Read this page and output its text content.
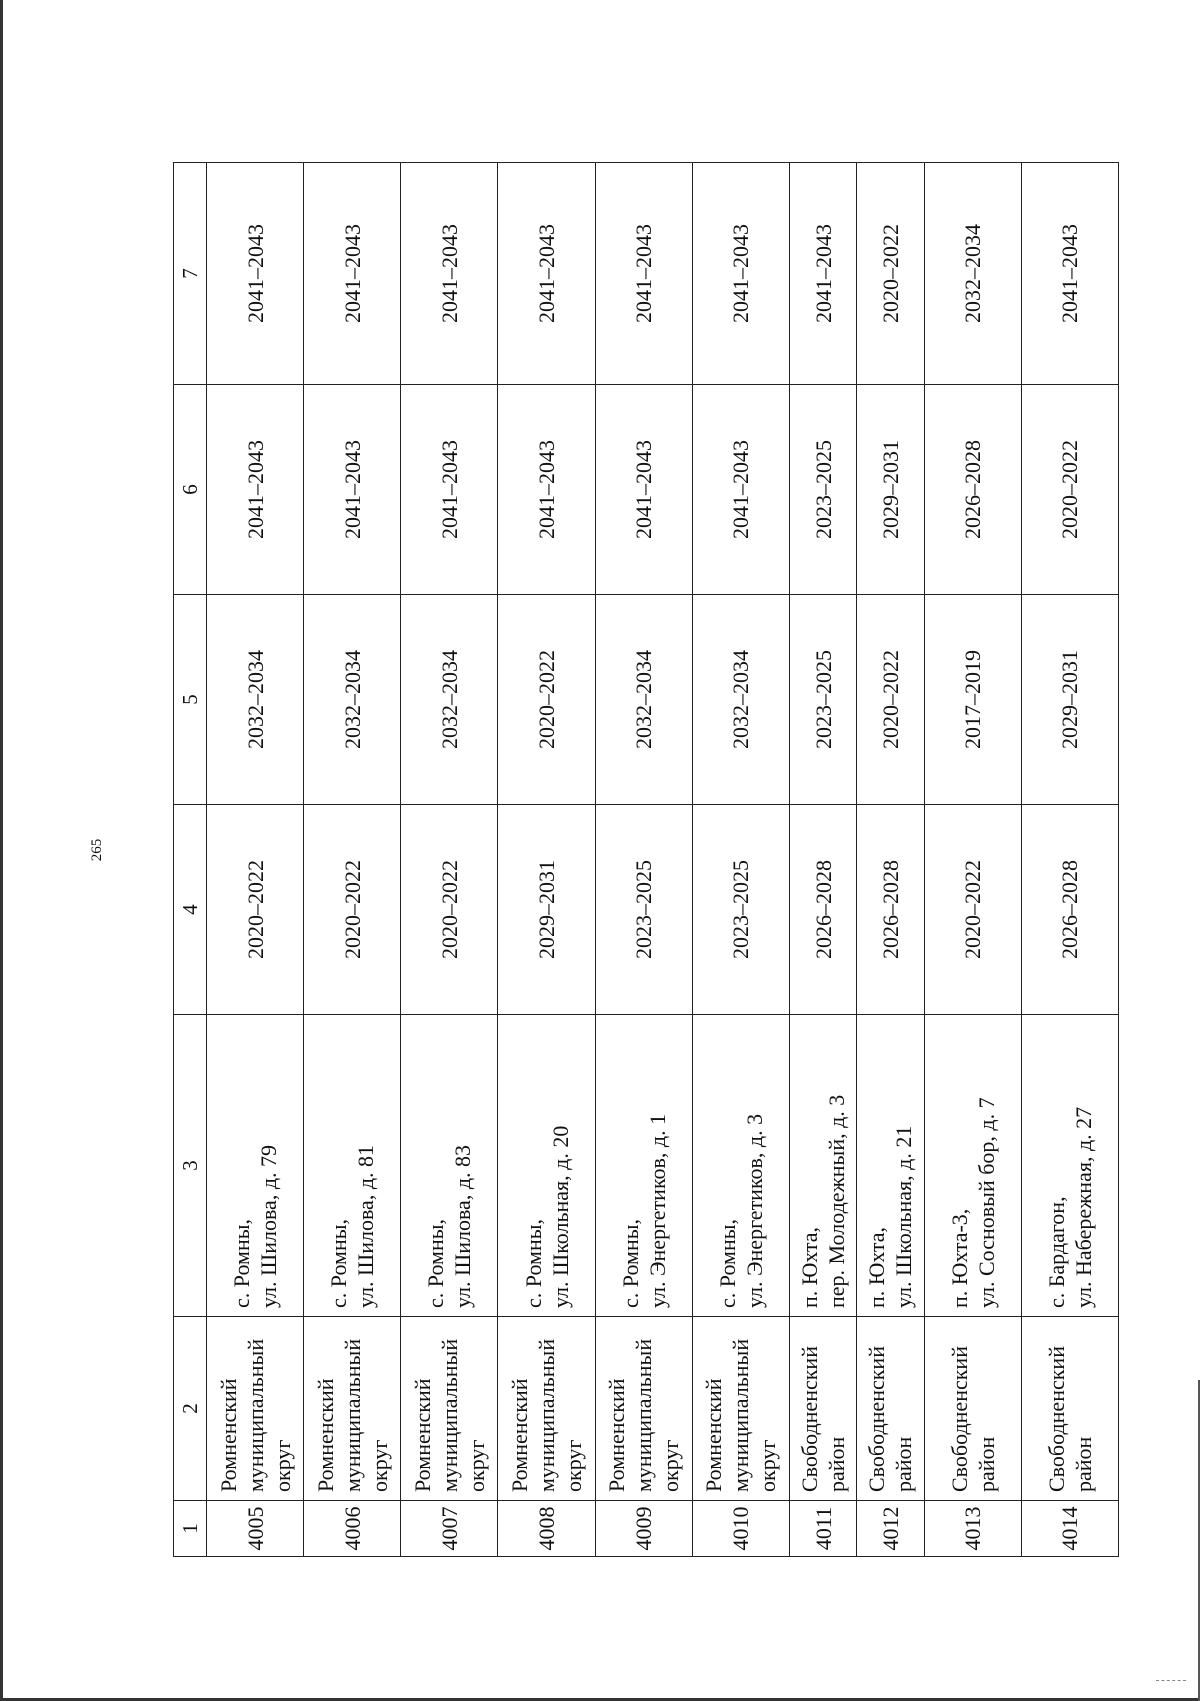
265
1	2	3	4	5	6	7
4005	Ромненский муниципальный округ	с. Ромны, ул. Шилова, д. 79	2020–2022	2032–2034	2041–2043	2041–2043
4006	Ромненский муниципальный округ	с. Ромны, ул. Шилова, д. 81	2020–2022	2032–2034	2041–2043	2041–2043
4007	Ромненский муниципальный округ	с. Ромны, ул. Шилова, д. 83	2020–2022	2032–2034	2041–2043	2041–2043
4008	Ромненский муниципальный округ	с. Ромны, ул. Школьная, д. 20	2029–2031	2020–2022	2041–2043	2041–2043
4009	Ромненский муниципальный округ	с. Ромны, ул. Энергетиков, д. 1	2023–2025	2032–2034	2041–2043	2041–2043
4010	Ромненский муниципальный округ	с. Ромны, ул. Энергетиков, д. 3	2023–2025	2032–2034	2041–2043	2041–2043
4011	Свободненский район	п. Юхта, пер. Молодежный, д. 3	2026–2028	2023–2025	2023–2025	2041–2043
4012	Свободненский район	п. Юхта, ул. Школьная, д. 21	2026–2028	2020–2022	2029–2031	2020–2022
4013	Свободненский район	п. Юхта-3, ул. Сосновый бор, д. 7	2020–2022	2017–2019	2026–2028	2032–2034
4014	Свободненский район	с. Бардагон, ул. Набережная, д. 27	2026–2028	2029–2031	2020–2022	2041–2043
